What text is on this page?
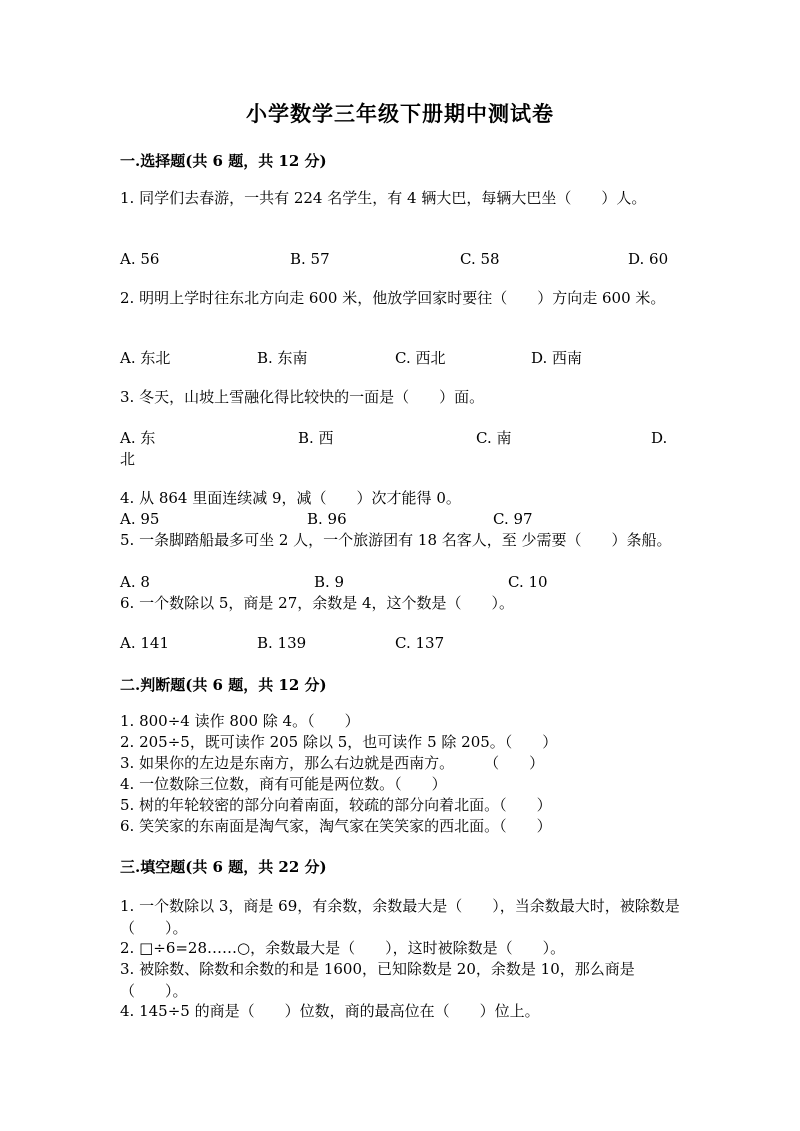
小学数学三年级下册期中测试卷
一.选择题(共 6 题，共 12 分)
1. 同学们去春游，一共有 224 名学生，有 4 辆大巴，每辆大巴坐（　　）人。
A. 56	B. 57	C. 58	D. 60
2. 明明上学时往东北方向走 600 米，他放学回家时要往（　　）方向走 600 米。
A. 东北	B. 东南	C. 西北	D. 西南
3. 冬天，山坡上雪融化得比较快的一面是（　　）面。
A. 东	B. 西	C. 南	D.
北
4. 从 864 里面连续减 9，减（　　）次才能得 0。
A. 95	B. 96	C. 97
5. 一条脚踏船最多可坐 2 人，一个旅游团有 18 名客人，至 少需要（　　）条船。
A. 8	B. 9	C. 10
6. 一个数除以 5，商是 27，余数是 4，这个数是（　　）。
A. 141	B. 139	C. 137
二.判断题(共 6 题，共 12 分)
1. 800÷4 读作 800 除 4。（　　）
2. 205÷5，既可读作 205 除以 5，也可读作 5 除 205。（　　）
3. 如果你的左边是东南方，那么右边就是西南方。　　　（　　）
4. 一位数除三位数，商有可能是两位数。（　　）
5. 树的年轮较密的部分向着南面，较疏的部分向着北面。（　　）
6. 笑笑家的东南面是淘气家，淘气家在笑笑家的西北面。（　　）
三.填空题(共 6 题，共 22 分)
1. 一个数除以 3，商是 69，有余数，余数最大是（　　），当余数最大时，被除数是（　　）。
2. □÷6=28……○，余数最大是（　　），这时被除数是（　　）。
3. 被除数、除数和余数的和是 1600，已知除数是 20，余数是 10，那么商是（　　）。
4. 145÷5 的商是（　　）位数，商的最高位在（　　）位上。
